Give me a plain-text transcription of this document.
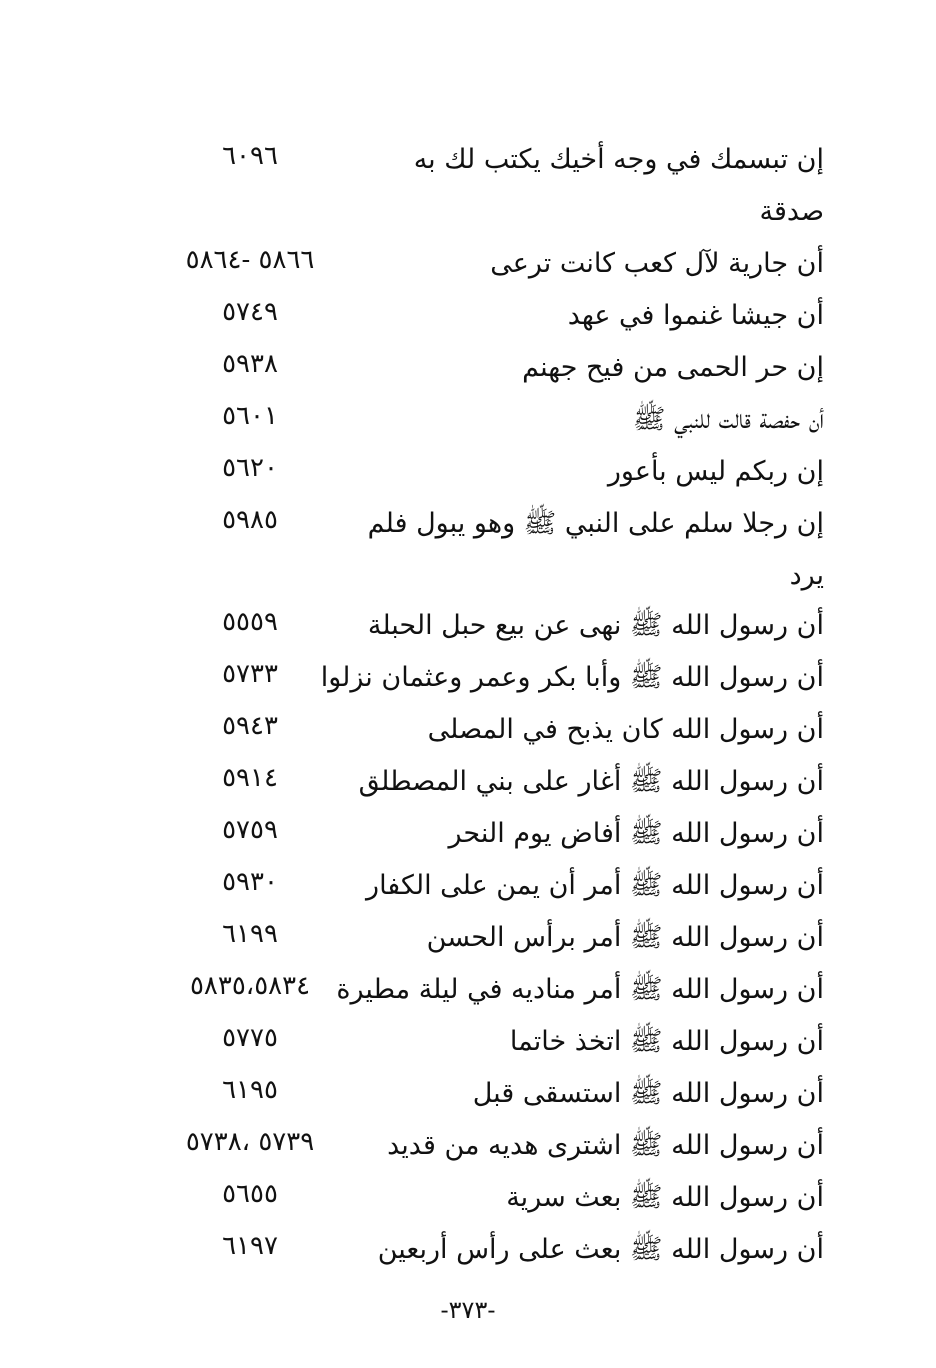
إن تبسمك في وجه أخيك يكتب لك به
٦٠٩٦
صدقة
أن جارية لآل كعب كانت ترعى
٥٨٦٦ -٥٨٦٤
أن جيشا غنموا في عهد
٥٧٤٩
إن حر الحمى من فيح جهنم
٥٩٣٨
أن حفصة قالت للنبي ﷺ
٥٦٠١
إن ربكم ليس بأعور
٥٦٢٠
إن رجلا سلم على النبي ﷺ وهو يبول فلم
٥٩٨٥
يرد
أن رسول الله ﷺ نهى عن بيع حبل الحبلة
٥٥٥٩
أن رسول الله ﷺ وأبا بكر وعمر وعثمان نزلوا
٥٧٣٣
أن رسول الله كان يذبح في المصلى
٥٩٤٣
أن رسول الله ﷺ أغار على بني المصطلق
٥٩١٤
أن رسول الله ﷺ أفاض يوم النحر
٥٧٥٩
أن رسول الله ﷺ أمر أن يمن على الكفار
٥٩٣٠
أن رسول الله ﷺ أمر برأس الحسن
٦١٩٩
أن رسول الله ﷺ أمر مناديه في ليلة مطيرة
٥٨٣٥،٥٨٣٤
أن رسول الله ﷺ اتخذ خاتما
٥٧٧٥
أن رسول الله ﷺ استسقى قبل
٦١٩٥
أن رسول الله ﷺ اشترى هديه من قديد
٥٧٣٩ ،٥٧٣٨
أن رسول الله ﷺ بعث سرية
٥٦٥٥
أن رسول الله ﷺ بعث على رأس أربعين
٦١٩٧
-٣٧٣-
